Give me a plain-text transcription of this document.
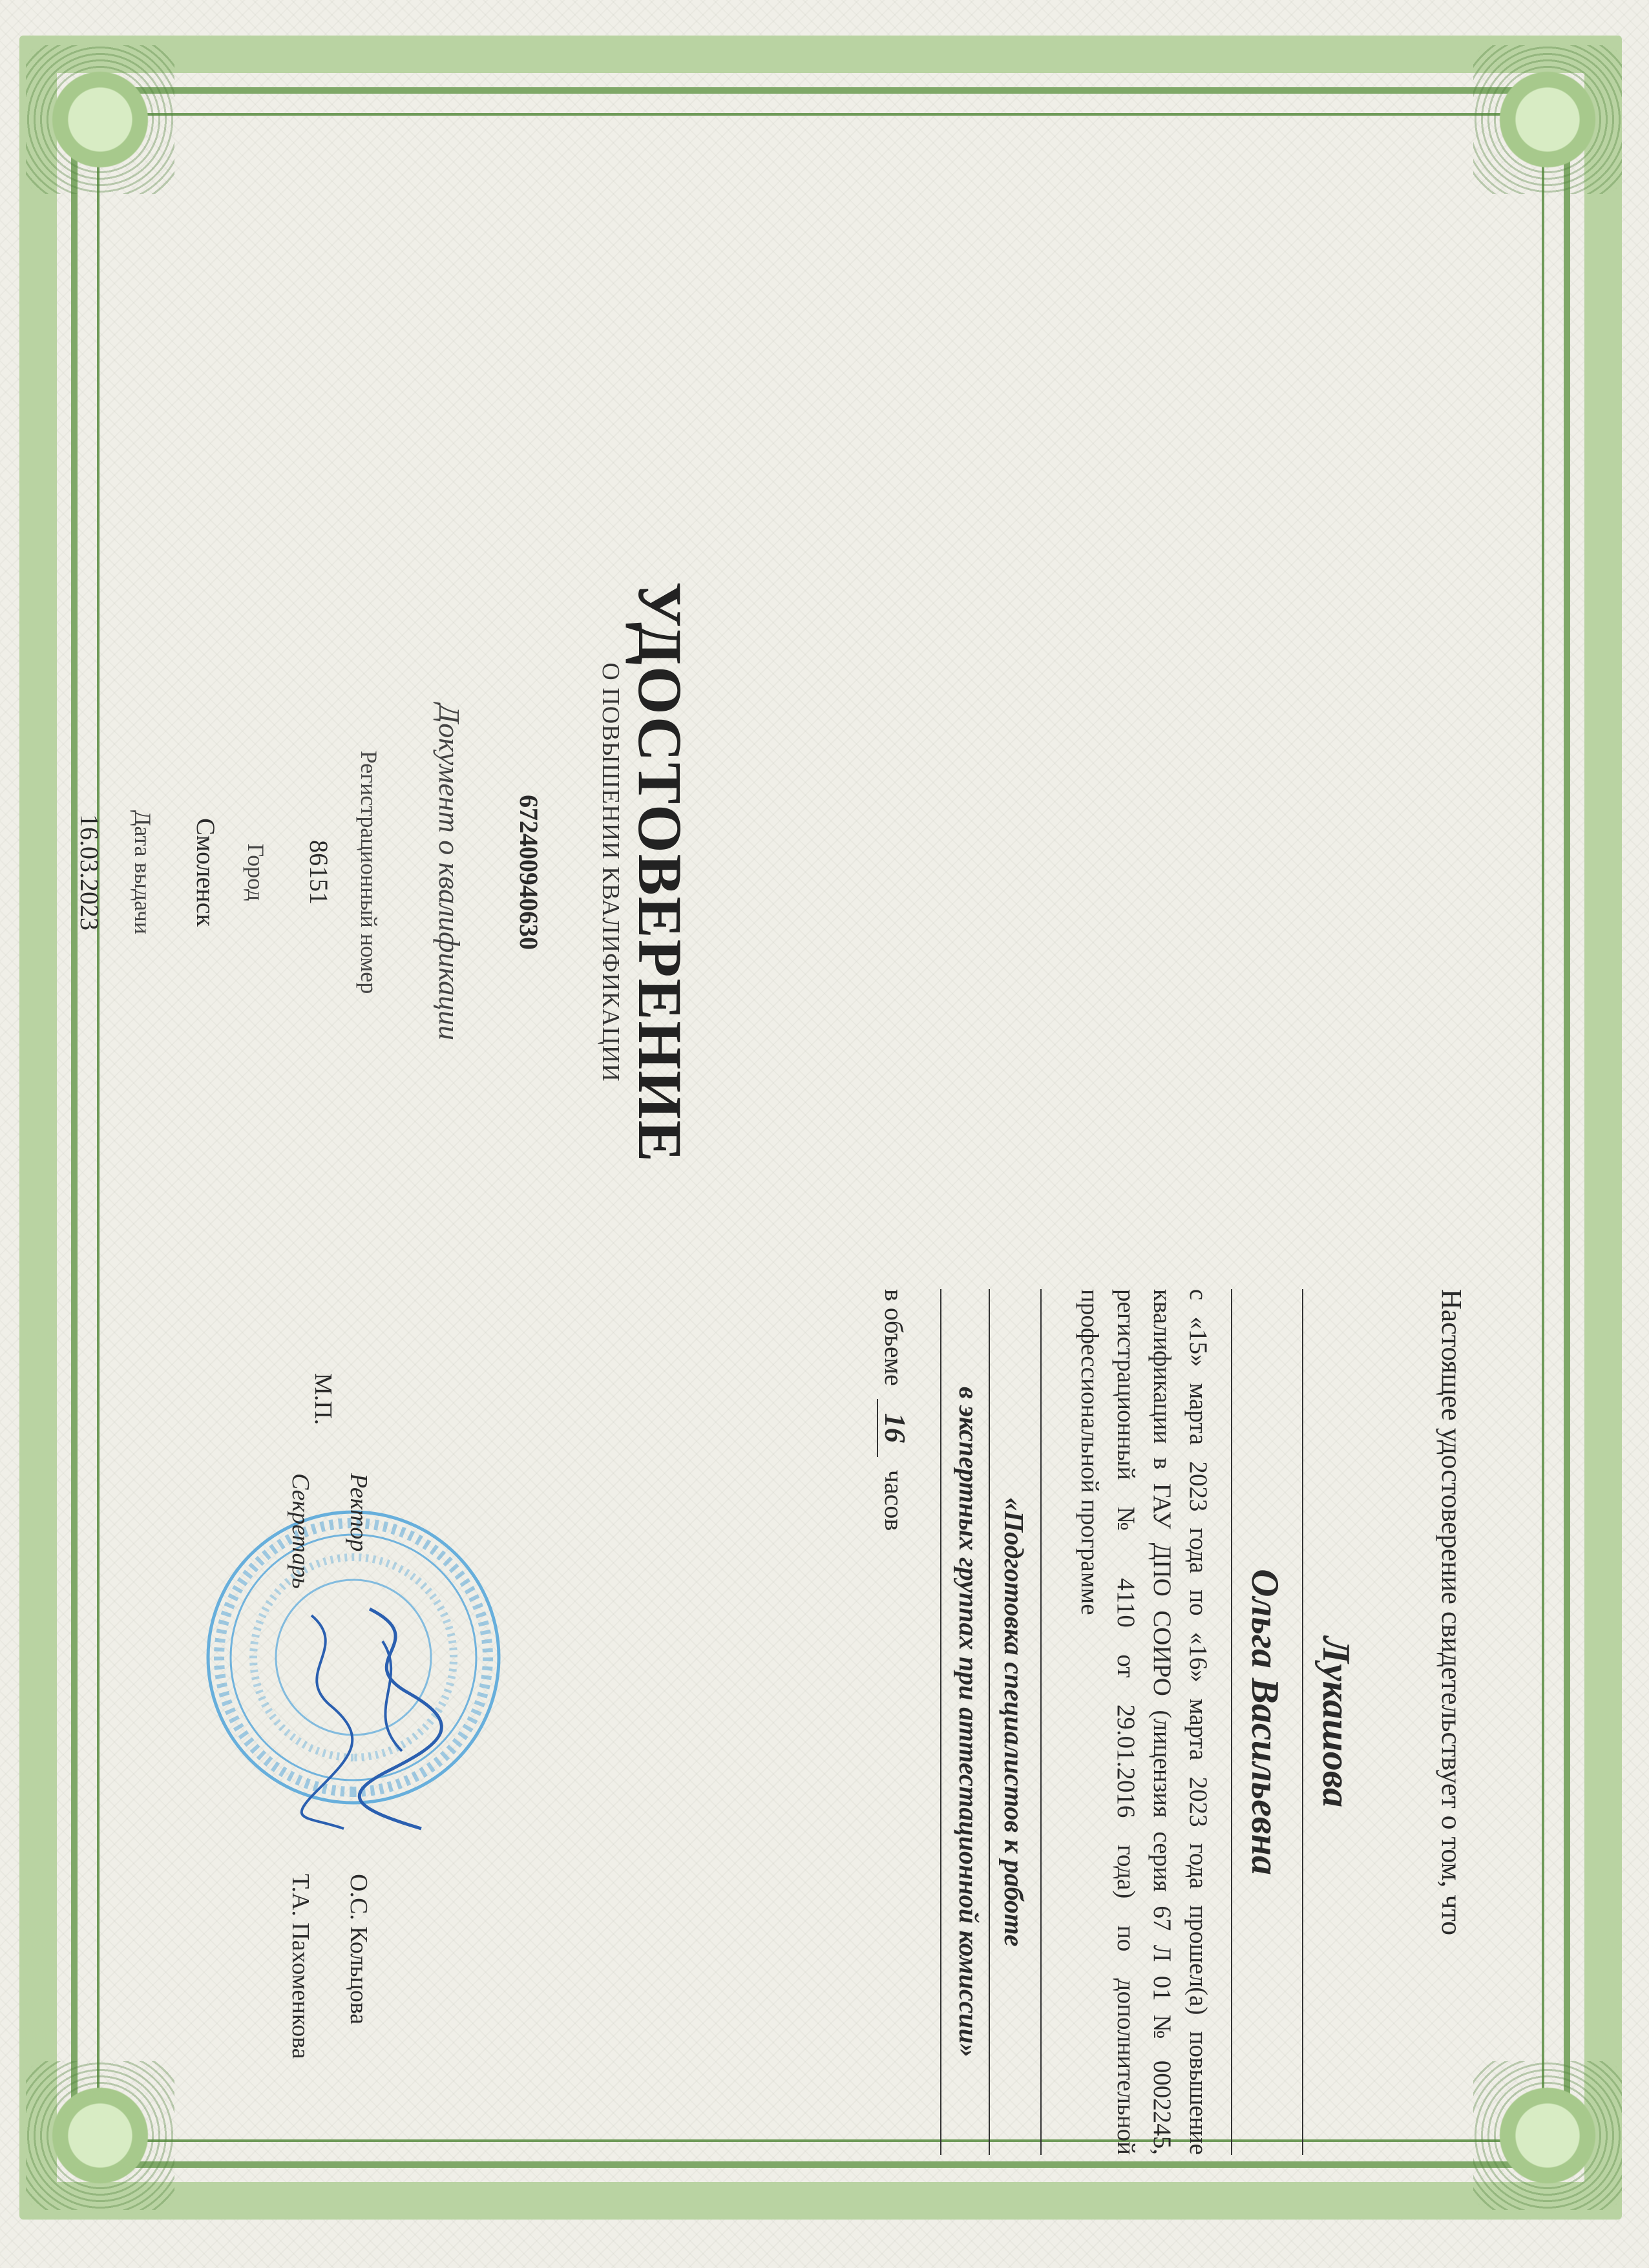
УДОСТОВЕРЕНИЕ
О ПОВЫШЕНИИ КВАЛИФИКАЦИИ
672400940630
Документ о квалификации
Регистрационный номер
86151
Город
Смоленск
Дата выдачи
16.03.2023
Настоящее удостоверение свидетельствует о том, что
Лукашова
Ольга Васильевна
с «15» марта 2023 года по «16» марта 2023 года прошел(а) повышение квалификации в ГАУ ДПО СОИРО (лицензия серия 67 Л 01 № 0002245, регистрационный № 4110 от 29.01.2016 года) по дополнительной профессиональной программе
«Подготовка специалистов к работе
в экспертных группах при аттестационной комиссии»
в объеме16часов
М.П.
Ректор
О.С. Кольцова
Секретарь
Т.А. Пахоменкова
